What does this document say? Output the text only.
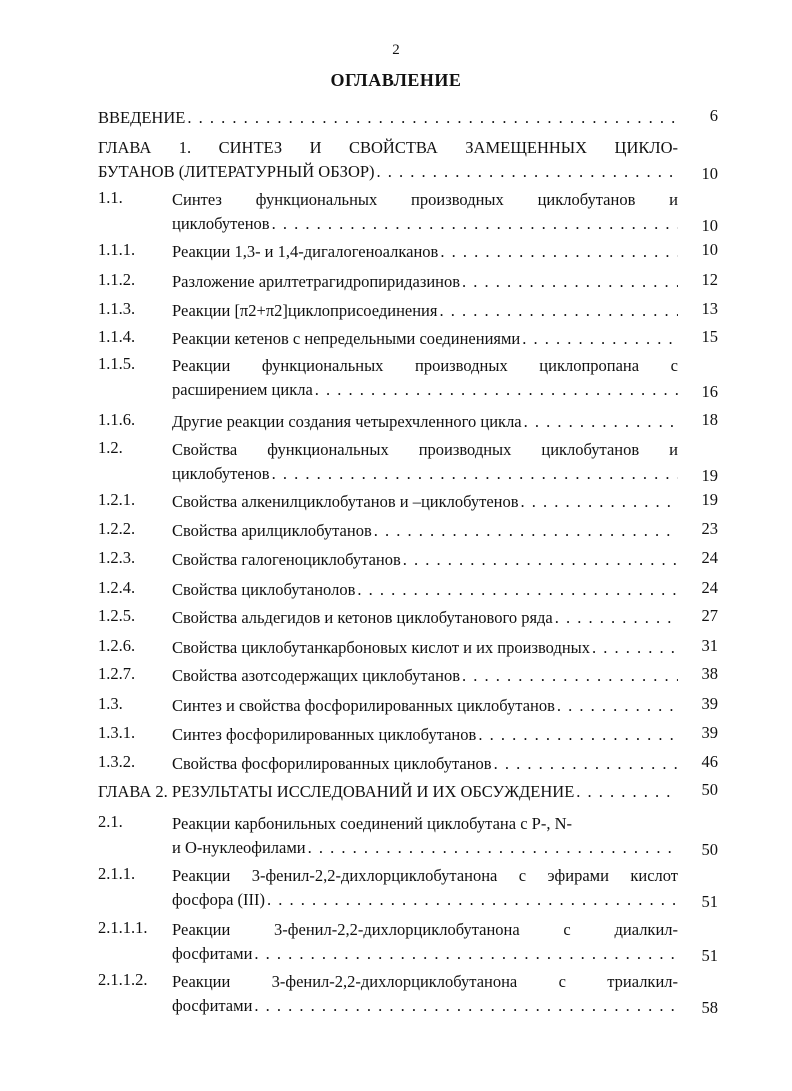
2
ОГЛАВЛЕНИЕ
ВВЕДЕНИЕ . . .	6
ГЛАВА 1. СИНТЕЗ И СВОЙСТВА ЗАМЕЩЕННЫХ ЦИКЛО-
БУТАНОВ (ЛИТЕРАТУРНЫЙ ОБЗОР) . . .	10
1.1.	Синтез функциональных производных циклобутанов и
циклобутенов . . .	10
1.1.1. Реакции 1,3- и 1,4-дигалогеноалканов . . .	10
1.1.2. Разложение арилтетрагидропиридазинов . . .	12
1.1.3. Реакции [π2+π2]циклоприсоединения . . .	13
1.1.4. Реакции кетенов с непредельными соединениями . . .	15
1.1.5. Реакции функциональных производных циклопропана с
расширением цикла . . .	16
1.1.6. Другие реакции создания четырехчленного цикла . . .	18
1.2.	Свойства функциональных производных циклобутанов и
циклобутенов . . .	19
1.2.1. Свойства алкенилциклобутанов и –циклобутенов . . .	19
1.2.2. Свойства арилциклобутанов . . .	23
1.2.3. Свойства галогеноциклобутанов . . .	24
1.2.4. Свойства циклобутанолов . . .	24
1.2.5. Свойства альдегидов и кетонов циклобутанового ряда . . .	27
1.2.6. Свойства циклобутанкарбоновых кислот и их производных . . .	31
1.2.7. Свойства азотсодержащих циклобутанов . . .	38
1.3.	Синтез и свойства фосфорилированных циклобутанов . . .	39
1.3.1. Синтез фосфорилированных циклобутанов . . .	39
1.3.2. Свойства фосфорилированных циклобутанов . . .	46
ГЛАВА 2. РЕЗУЛЬТАТЫ ИССЛЕДОВАНИЙ И ИХ ОБСУЖДЕНИЕ . . .	50
2.1.	Реакции карбонильных соединений циклобутана с Р-, N-
и О-нуклеофилами . . .	50
2.1.1. Реакции 3-фенил-2,2-дихлорциклобутанона с эфирами кислот
фосфора (III) . . .	51
2.1.1.1. Реакции 3-фенил-2,2-дихлорциклобутанона с диалкил-
фосфитами . . .	51
2.1.1.2. Реакции 3-фенил-2,2-дихлорциклобутанона с триалкил-
фосфитами . . .	58
